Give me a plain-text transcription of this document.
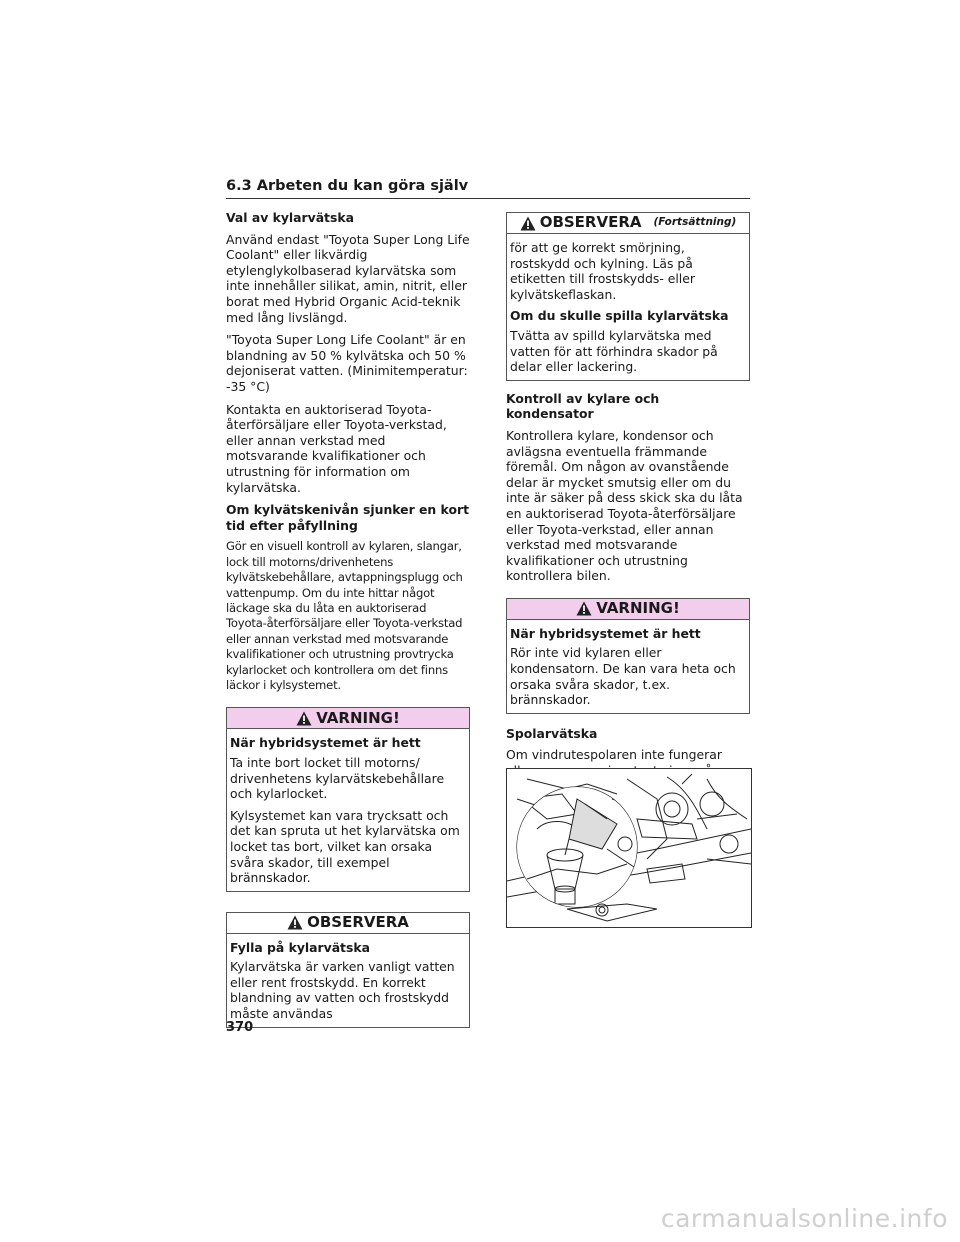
6.3 Arbeten du kan göra själv

Val av kylarvätska

Använd endast "Toyota Super Long Life Coolant" eller likvärdig etylenglykolbaserad kylarvätska som inte innehåller silikat, amin, nitrit, eller borat med Hybrid Organic Acid-teknik med lång livslängd.

"Toyota Super Long Life Coolant" är en blandning av 50 % kylvätska och 50 % dejoniserat vatten. (Minimitemperatur: -35 °C)

Kontakta en auktoriserad Toyota-återförsäljare eller Toyota-verkstad, eller annan verkstad med motsvarande kvalifikationer och utrustning för information om kylarvätska.

Om kylvätskenivån sjunker en kort tid efter påfyllning

Gör en visuell kontroll av kylaren, slangar, lock till motorns/drivenhetens kylvätskebehållare, avtappningsplugg och vattenpump. Om du inte hittar något läckage ska du låta en auktoriserad Toyota-återförsäljare eller Toyota-verkstad eller annan verkstad med motsvarande kvalifikationer och utrustning provtrycka kylarlocket och kontrollera om det finns läckor i kylsystemet.

VARNING!

När hybridsystemet är hett

Ta inte bort locket till motorns/ drivenhetens kylarvätskebehållare och kylarlocket.

Kylsystemet kan vara trycksatt och det kan spruta ut het kylarvätska om locket tas bort, vilket kan orsaka svåra skador, till exempel brännskador.

OBSERVERA

Fylla på kylarvätska

Kylarvätska är varken vanligt vatten eller rent frostskydd. En korrekt blandning av vatten och frostskydd måste användas

OBSERVERA (Fortsättning)

för att ge korrekt smörjning, rostskydd och kylning. Läs på etiketten till frostskydds- eller kylvätskeflaskan.

Om du skulle spilla kylarvätska

Tvätta av spilld kylarvätska med vatten för att förhindra skador på delar eller lackering.

Kontroll av kylare och kondensator

Kontrollera kylare, kondensor och avlägsna eventuella främmande föremål. Om någon av ovanstående delar är mycket smutsig eller om du inte är säker på dess skick ska du låta en auktoriserad Toyota-återförsäljare eller Toyota-verkstad, eller annan verkstad med motsvarande kvalifikationer och utrustning kontrollera bilen.

VARNING!

När hybridsystemet är hett

Rör inte vid kylaren eller kondensatorn. De kan vara heta och orsaka svåra skador, t.ex. brännskador.

Spolarvätska

Om vindrutespolaren inte fungerar

370
carmanualsonline.info
